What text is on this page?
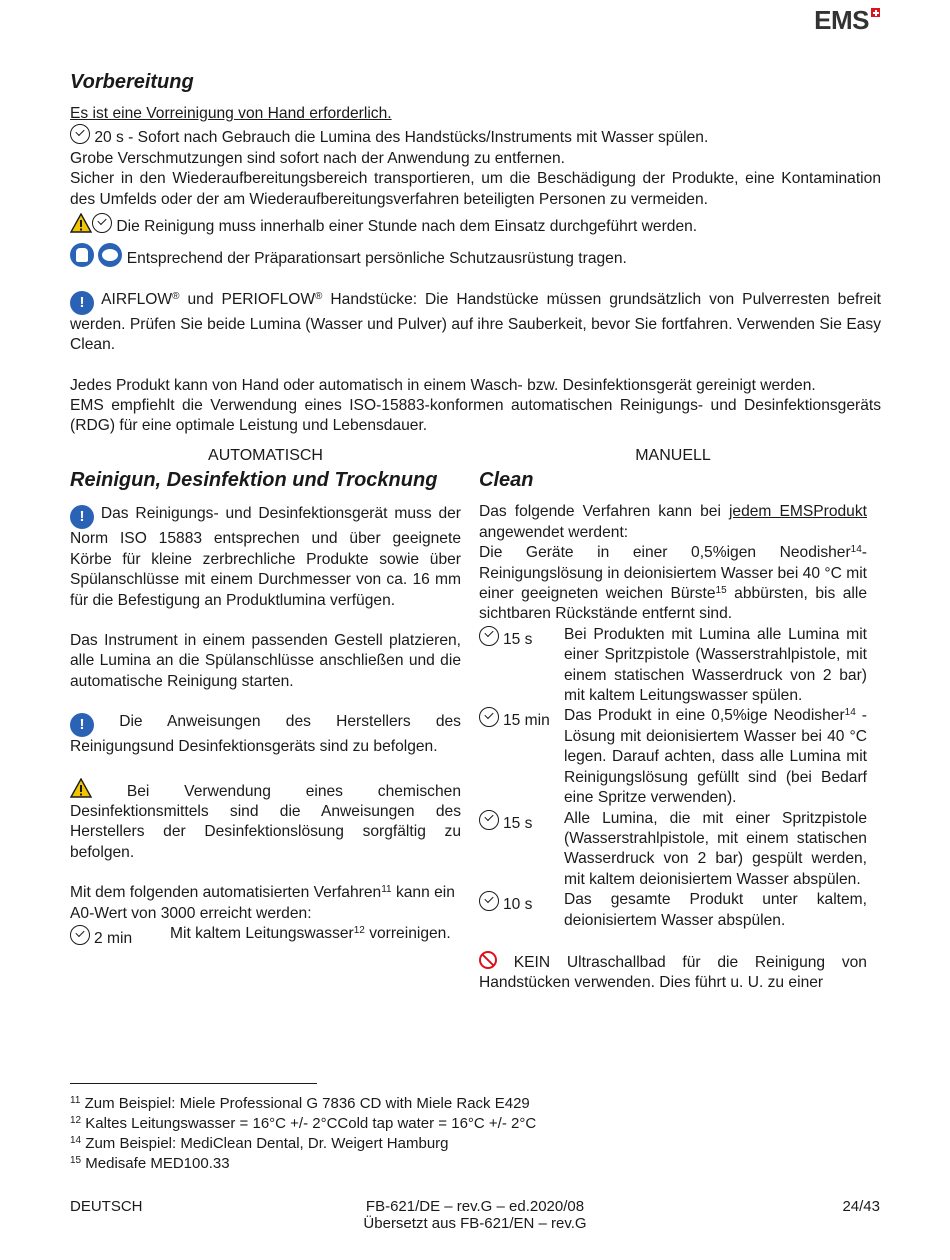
EMS
Vorbereitung

Es ist eine Vorreinigung von Hand erforderlich.

20 s - Sofort nach Gebrauch die Lumina des Handstücks/Instruments mit Wasser spülen.

Grobe Verschmutzungen sind sofort nach der Anwendung zu entfernen.

Sicher in den Wiederaufbereitungsbereich transportieren, um die Beschädigung der Produkte, eine Kontamination des Umfelds oder der am Wiederaufbereitungsverfahren beteiligten Personen zu vermeiden.

Die Reinigung muss innerhalb einer Stunde nach dem Einsatz durchgeführt werden.

Entsprechend der Präparationsart persönliche Schutzausrüstung tragen.

! AIRFLOW® und PERIOFLOW® Handstücke: Die Handstücke müssen grundsätzlich von Pulverresten befreit werden. Prüfen Sie beide Lumina (Wasser und Pulver) auf ihre Sauberkeit, bevor Sie fortfahren. Verwenden Sie Easy Clean.

Jedes Produkt kann von Hand oder automatisch in einem Wasch- bzw. Desinfektionsgerät gereinigt werden.

EMS empfiehlt die Verwendung eines ISO-15883-konformen automatischen Reinigungs- und Desinfektionsgeräts (RDG) für eine optimale Leistung und Lebensdauer.

AUTOMATISCH
Reinigun, Desinfektion und Trocknung

! Das Reinigungs- und Desinfektionsgerät muss der Norm ISO 15883 entsprechen und über geeignete Körbe für kleine zerbrechliche Produkte sowie über Spülanschlüsse mit einem Durchmesser von ca. 16 mm für die Befestigung an Produktlumina verfügen.

Das Instrument in einem passenden Gestell platzieren, alle Lumina an die Spülanschlüsse anschließen und die automatische Reinigung starten.

! Die Anweisungen des Herstellers des Reinigungsund Desinfektionsgeräts sind zu befolgen.

Bei Verwendung eines chemischen Desinfektionsmittels sind die Anweisungen des Herstellers der Desinfektionslösung sorgfältig zu befolgen.

Mit dem folgenden automatisierten Verfahren$^{11}$ kann ein A0-Wert von 3000 erreicht werden:

2 min Mit kaltem Leitungswasser$^{12}$ vorreinigen.
MANUELL
Clean

Das folgende Verfahren kann bei jedem EMSProdukt angewendet werdent:

Die Geräte in einer 0,5%igen Neodisher$^{14}$-Reinigungslösung in deionisiertem Wasser bei 40 °C mit einer geeigneten weichen Bürste$^{15}$ abbürsten, bis alle sichtbaren Rückstände entfernt sind.

15 s Bei Produkten mit Lumina alle Lumina mit einer Spritzpistole (Wasserstrahlpistole, mit einem statischen Wasserdruck von 2 bar) mit kaltem Leitungswasser spülen.
15 min Das Produkt in eine 0,5%ige Neodisher$^{14}$ -Lösung mit deionisiertem Wasser bei 40 °C legen. Darauf achten, dass alle Lumina mit Reinigungslösung gefüllt sind (bei Bedarf eine Spritze verwenden).
15 s Alle Lumina, die mit einer Spritzpistole (Wasserstrahlpistole, mit einem statischen Wasserdruck von 2 bar) gespült werden, mit kaltem deionisiertem Wasser abspülen.
10 s Das gesamte Produkt unter kaltem, deionisiertem Wasser abspülen.

KEIN Ultraschallbad für die Reinigung von Handstücken verwenden. Dies führt u. U. zu einer

$^{11}$ Zum Beispiel: Miele Professional G 7836 CD with Miele Rack E429
$^{12}$ Kaltes Leitungswasser = 16°C +/- 2°CCold tap water = 16°C +/- 2°C
$^{14}$ Zum Beispiel: MediClean Dental, Dr. Weigert Hamburg
$^{15}$ Medisafe MED100.33
DEUTSCH	FB-621/DE – rev.G – ed.2020/08
Übersetzt aus FB-621/EN – rev.G
24/43
